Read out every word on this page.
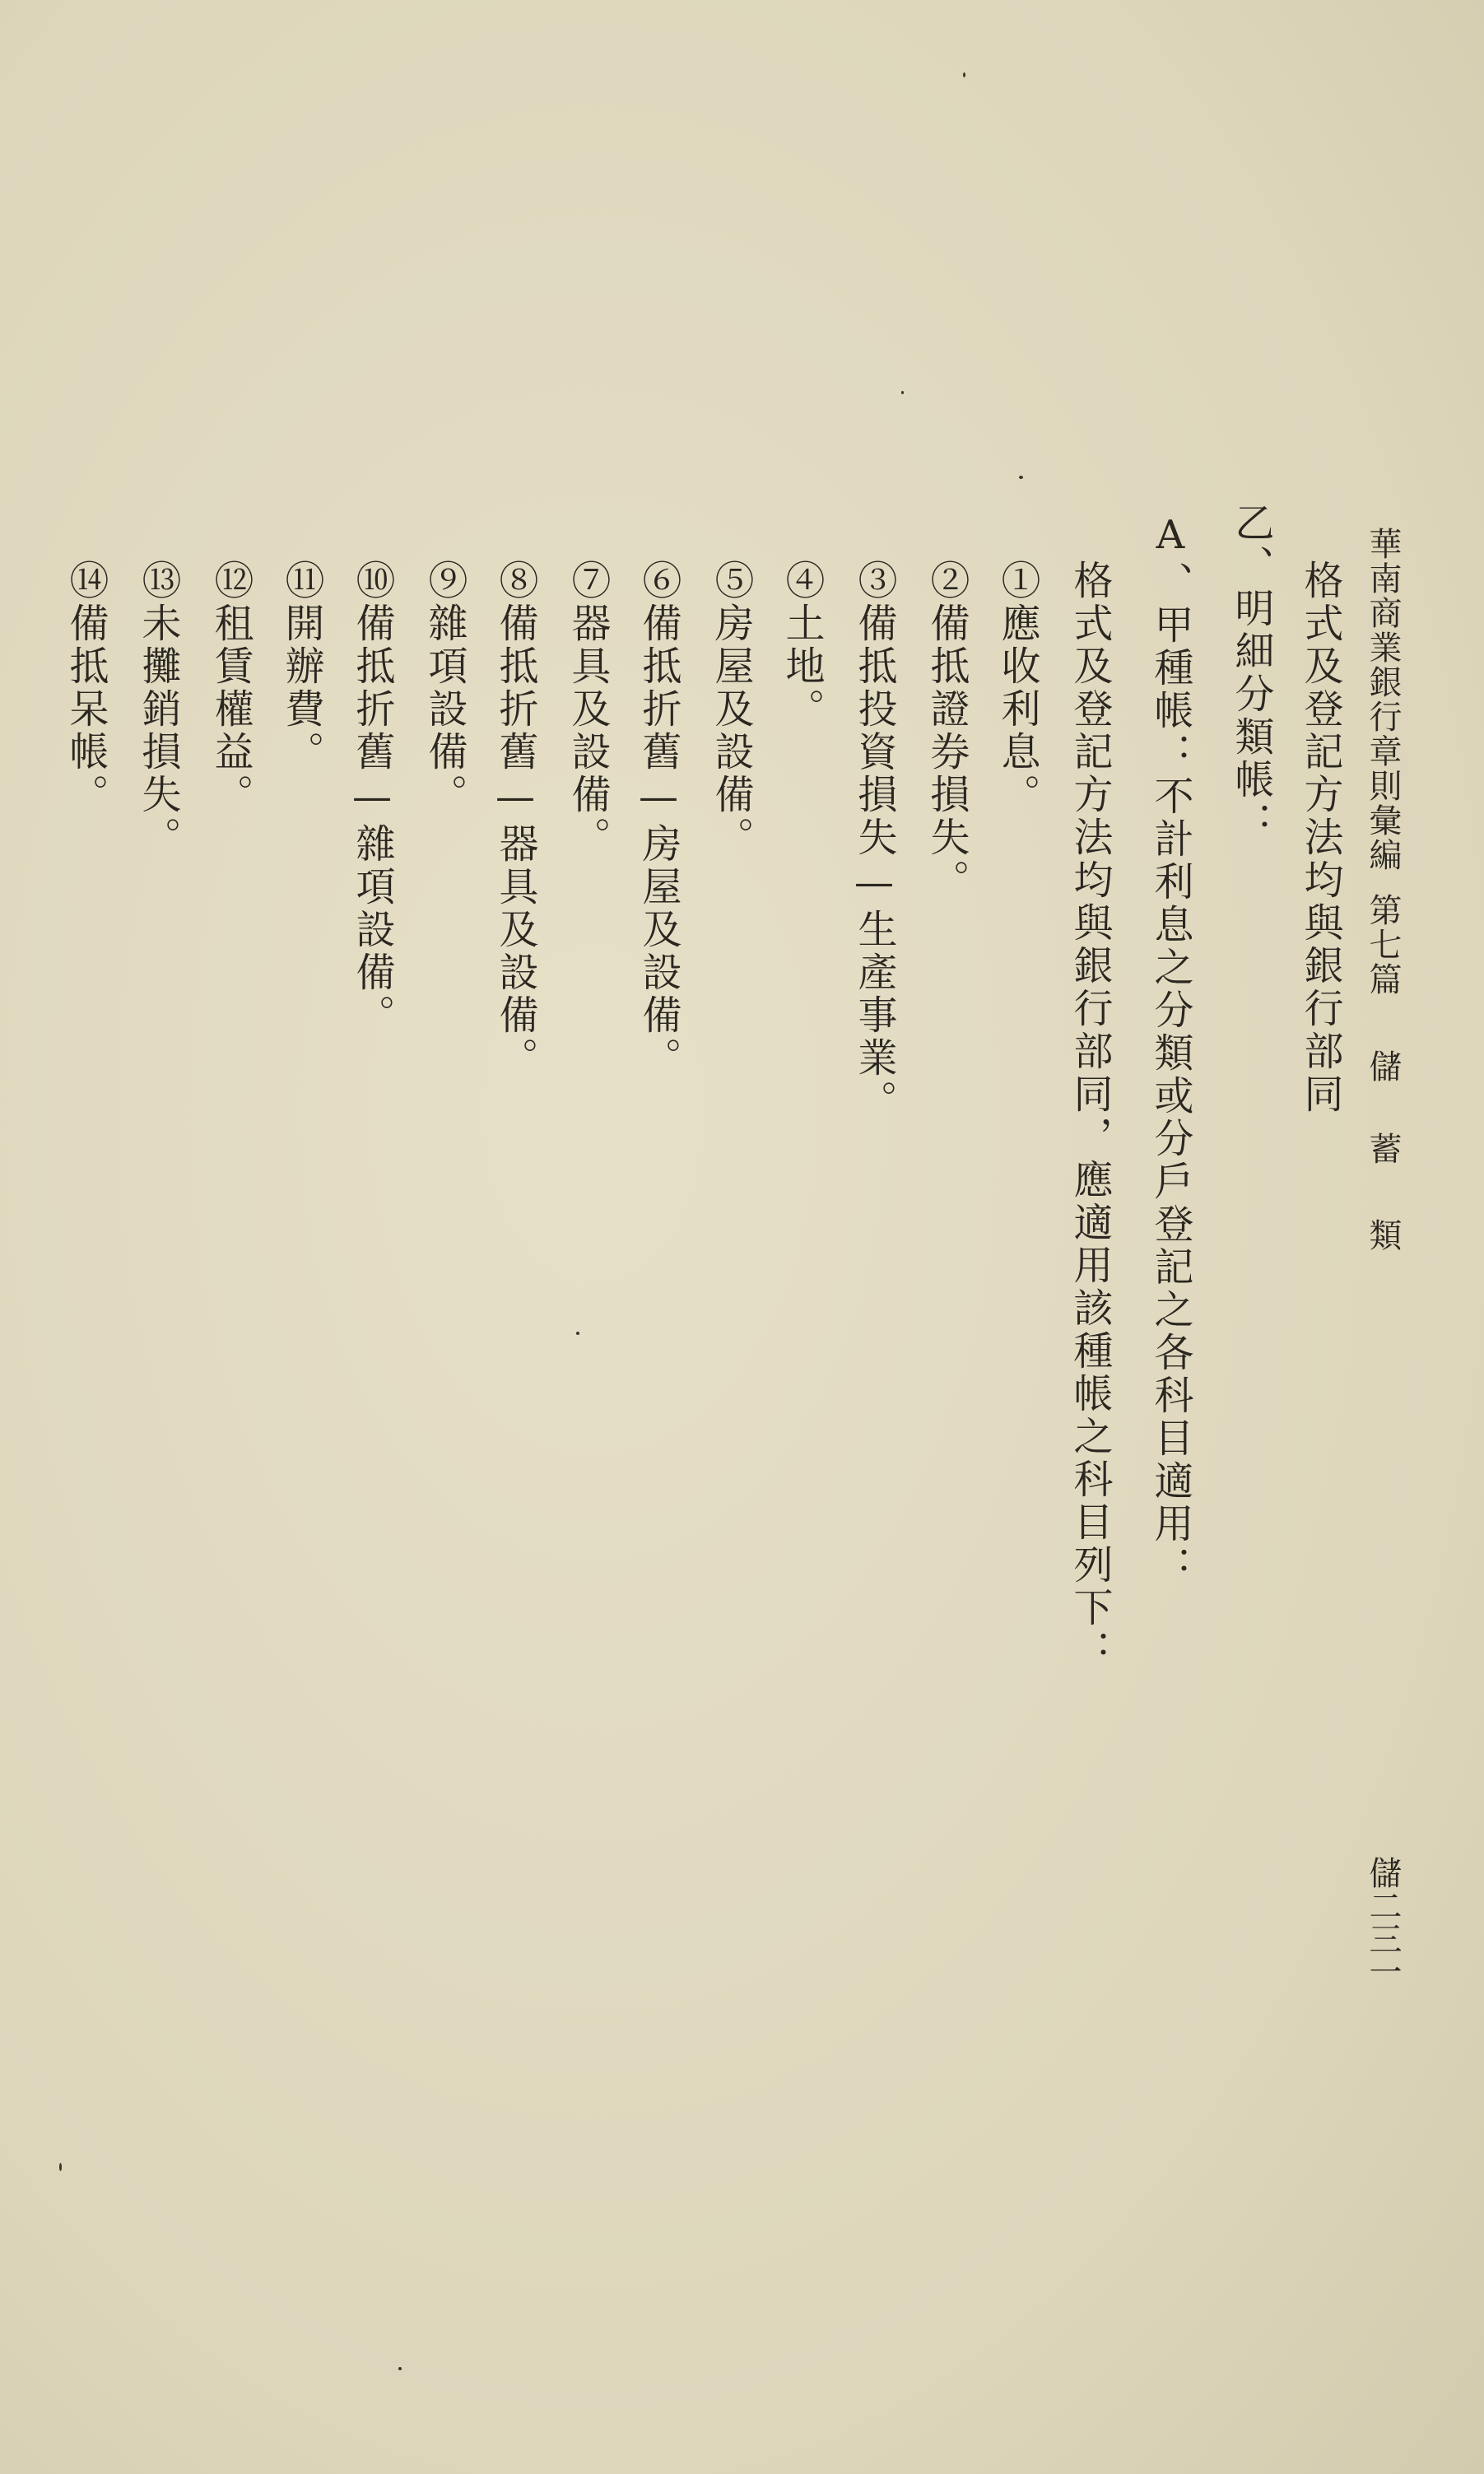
華南商業銀行章則彙編
第七篇
儲
蓄
類
儲二三一
格式及登記方法均與銀行部同
乙、明細分類帳：
A、甲種帳：不計利息之分類或分戶登記之各科目適用：
格式及登記方法均與銀行部同，應適用該種帳之科目列下：
①應收利息。
②備抵證券損失。
③備抵投資損失—生產事業。
④土地。
⑤房屋及設備。
⑥備抵折舊—房屋及設備。
⑦器具及設備。
⑧備抵折舊—器具及設備。
⑨雜項設備。
⑩備抵折舊—雜項設備。
⑪開辦費。
⑫租賃權益。
⑬未攤銷損失。
⑭備抵呆帳。
